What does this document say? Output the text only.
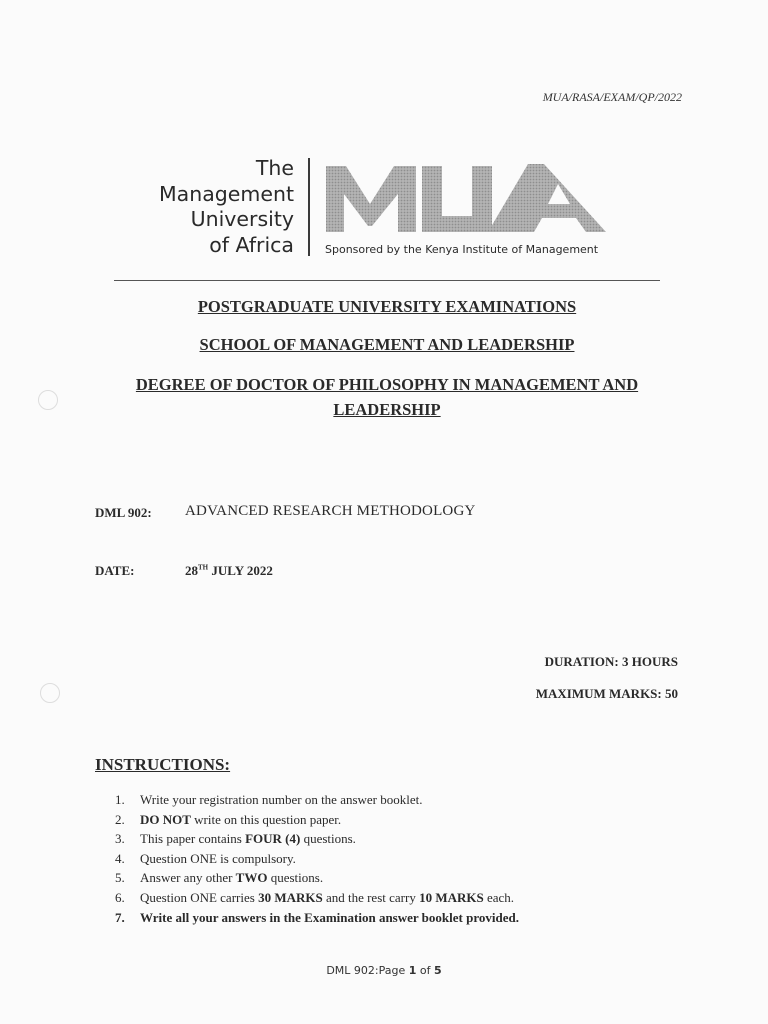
MUA/RASA/EXAM/QP/2022
The
Management
University
of Africa	Sponsored by the Kenya Institute of Management
POSTGRADUATE UNIVERSITY EXAMINATIONS
SCHOOL OF MANAGEMENT AND LEADERSHIP
DEGREE OF DOCTOR OF PHILOSOPHY IN MANAGEMENT AND
LEADERSHIP
DML 902: ADVANCED RESEARCH METHODOLOGY
DATE:	28TH JULY 2022
DURATION: 3 HOURS
MAXIMUM MARKS: 50
INSTRUCTIONS:
1. Write your registration number on the answer booklet.
2. DO NOT write on this question paper.
3. This paper contains FOUR (4) questions.
4. Question ONE is compulsory.
5. Answer any other TWO questions.
6. Question ONE carries 30 MARKS and the rest carry 10 MARKS each.
7. Write all your answers in the Examination answer booklet provided.
DML 902:Page 1 of 5
